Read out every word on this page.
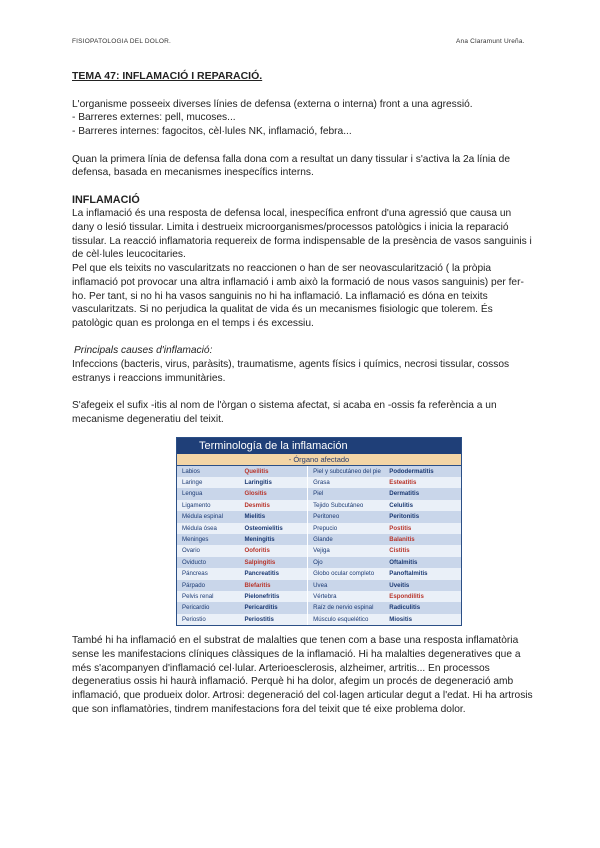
FISIOPATOLOGIA DEL DOLOR.	Ana Claramunt Ureña.

TEMA 47: INFLAMACIÓ I REPARACIÓ.

L'organisme posseeix diverses línies de defensa (externa o interna) front a una agressió.

- Barreres externes: pell, mucoses...

- Barreres internes: fagocitos, cèl·lules NK, inflamació, febra...

Quan la primera línia de defensa falla dona com a resultat un dany tissular i s'activa la 2a línia de defensa, basada en mecanismes inespecífics interns.

INFLAMACIÓ

La inflamació és una resposta de defensa local, inespecífica enfront d'una agressió que causa un dany o lesió tissular. Limita i destrueix microorganismes/processos patològics i inicia la reparació tissular. La reacció inflamatoria requereix de forma indispensable de la presència de vasos sanguinis i de cèl·lules leucocitaries.

Pel que els teixits no vascularitzats no reaccionen o han de ser neovascularització ( la pròpia inflamació pot provocar una altra inflamació i amb això la formació de nous vasos sanguinis) per fer-ho. Per tant, si no hi ha vasos sanguinis no hi ha inflamació. La inflamació es dóna en teixits vascularitzats. Si no perjudica la qualitat de vida és un mecanismes fisiologic que tolerem. És patològic quan es prolonga en el temps i és excessiu.

Principals causes d'inflamació:

Infeccions (bacteris, virus, paràsits), traumatisme, agents físics i químics, necrosi tissular, cossos estranys i reaccions immunitàries.

S'afegeix el sufix -itis al nom de l'òrgan o sistema afectat, si acaba en -ossis fa referència a un mecanisme degeneratiu del teixit.

Terminología de la inflamación
- Órgano afectado
Labios	Queilitis	Piel y subcutáneo del pie	Pododermatitis
Laringe	Laringitis	Grasa	Esteatitis
Lengua	Glositis	Piel	Dermatitis
Ligamento	Desmitis	Tejido Subcutáneo	Celulitis
Médula espinal	Mielitis	Peritoneo	Peritonitis
Médula ósea	Osteomielitis	Prepucio	Postitis
Meninges	Meningitis	Glande	Balanitis
Ovario	Ooforitis	Vejiga	Cistitis
Oviducto	Salpingitis	Ojo	Oftalmitis
Páncreas	Pancreatitis	Globo ocular completo	Panoftalmitis
Párpado	Blefaritis	Uvea	Uveitis
Pelvis renal	Pielonefritis	Vértebra	Espondilitis
Pericardio	Pericarditis	Raíz de nervio espinal	Radiculitis
Periostio	Periostitis	Músculo esquelético	Miositis

També hi ha inflamació en el substrat de malalties que tenen com a base una resposta inflamatòria sense les manifestacions clíniques clàssiques de la inflamació. Hi ha malalties degeneratives que a més s'acompanyen d'inflamació cel·lular. Arterioesclerosis, alzheimer, artritis... En processos degeneratius ossis hi haurà inflamació. Perquè hi ha dolor, afegim un procés de degeneració amb inflamació, que produeix dolor. Artrosi: degeneració del col·lagen articular degut a l'edat. Hi ha artrosis que son inflamatòries, tindrem manifestacions fora del teixit que té eixe problema dolor.
